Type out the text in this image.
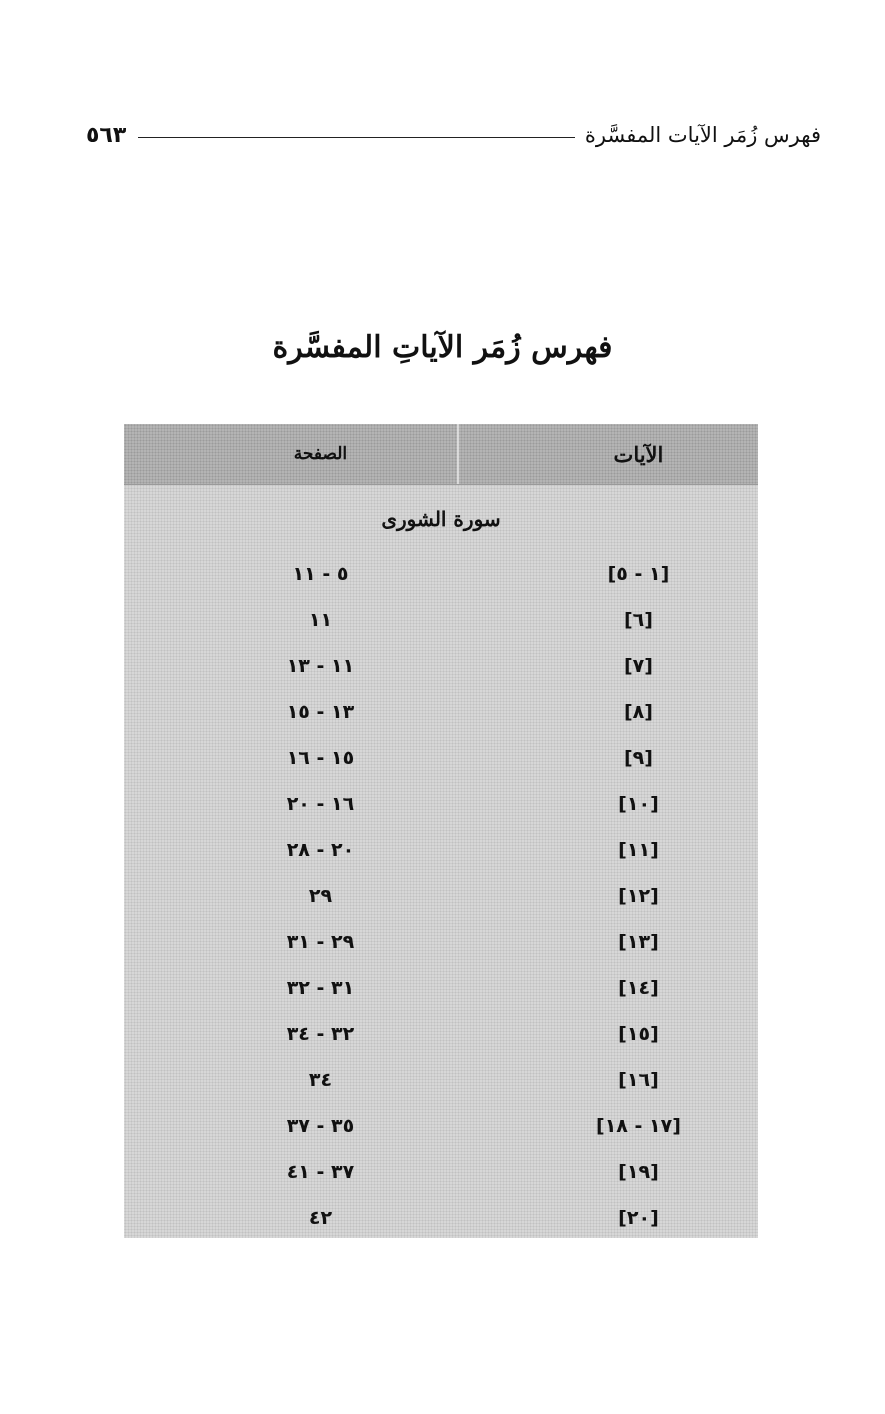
٥٦٣	فهرس زُمَر الآيات المفسَّرة
فهرس زُمَر الآياتِ المفسَّرة
الآيات
الصفحة
سورة الشورى
[١ - ٥]
٥ - ١١
[٦]
١١
[٧]
١١ - ١٣
[٨]
١٣ - ١٥
[٩]
١٥ - ١٦
[١٠]
١٦ - ٢٠
[١١]
٢٠ - ٢٨
[١٢]
٢٩
[١٣]
٢٩ - ٣١
[١٤]
٣١ - ٣٢
[١٥]
٣٢ - ٣٤
[١٦]
٣٤
[١٧ - ١٨]
٣٥ - ٣٧
[١٩]
٣٧ - ٤١
[٢٠]
٤٢
